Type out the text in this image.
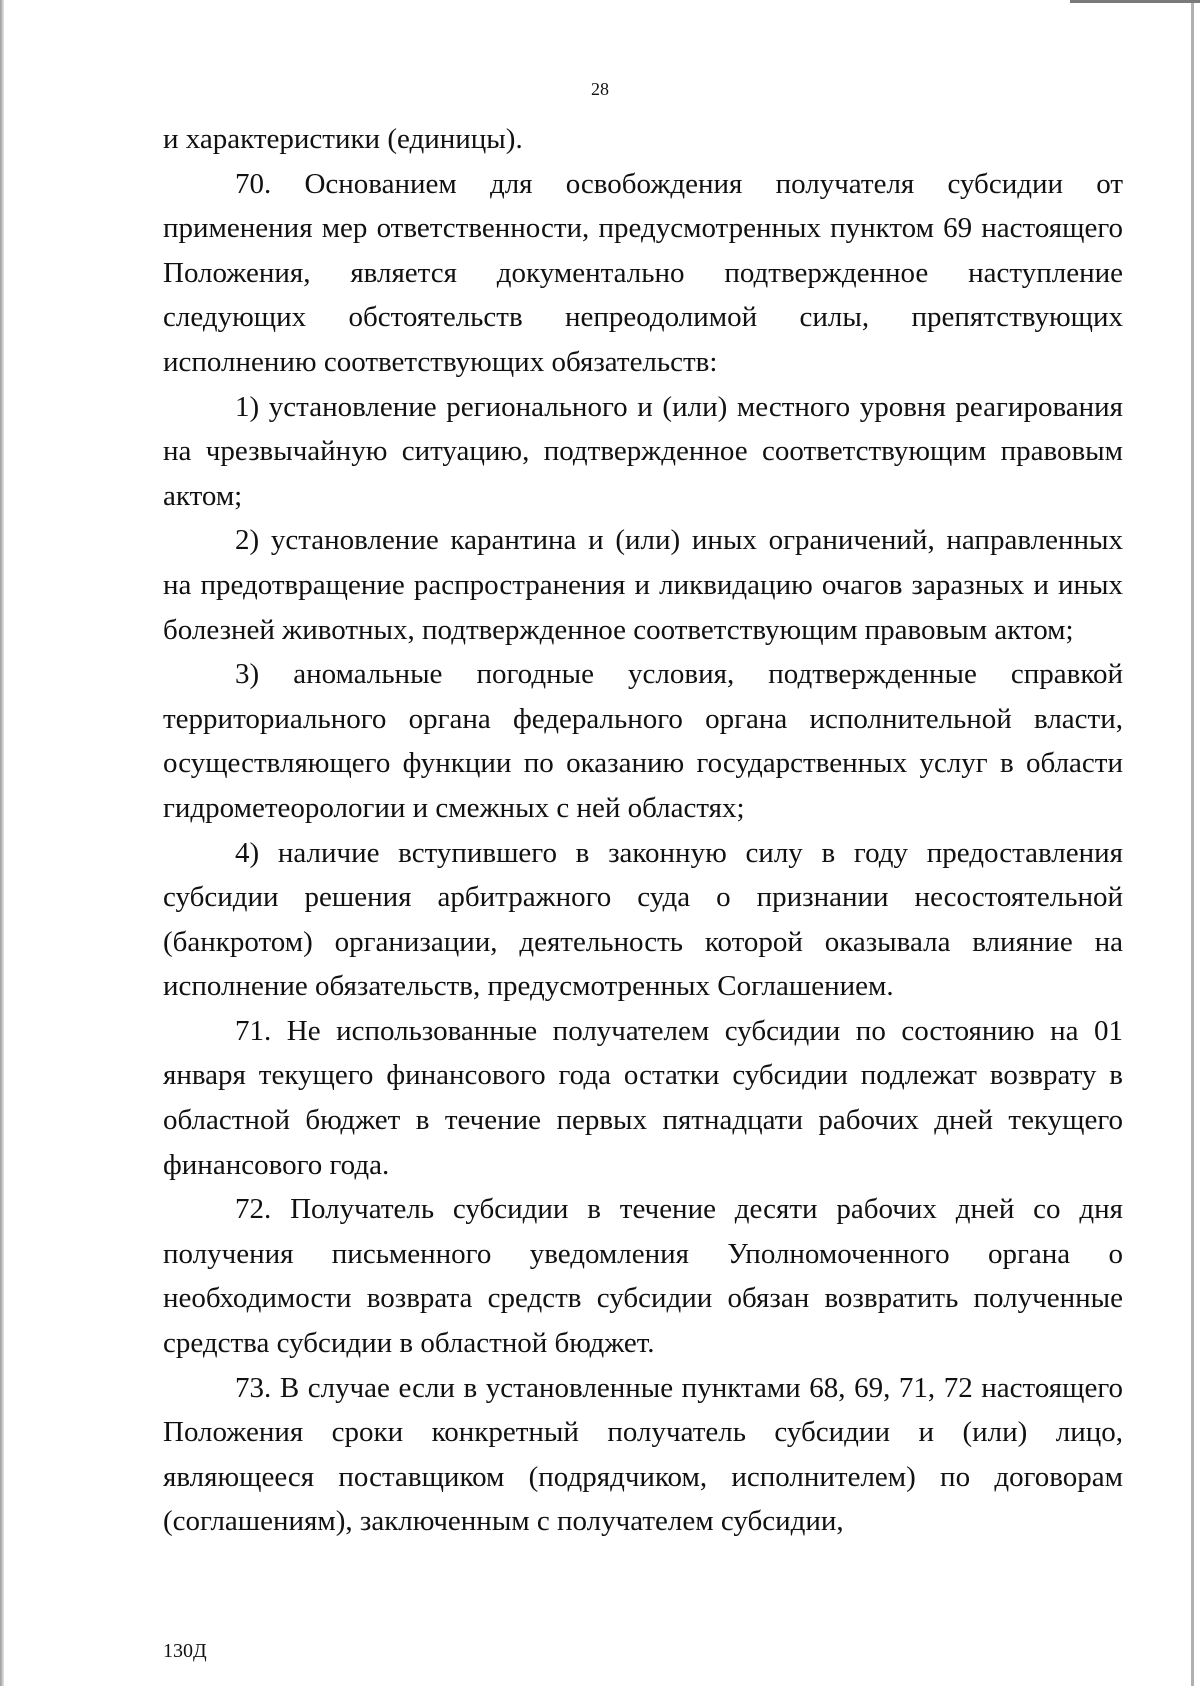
28

и характеристики (единицы).

70. Основанием для освобождения получателя субсидии от применения мер ответственности, предусмотренных пунктом 69 настоящего Положения, является документально подтвержденное наступление следующих обстоятельств непреодолимой силы, препятствующих исполнению соответствующих обязательств:

1) установление регионального и (или) местного уровня реагирования на чрезвычайную ситуацию, подтвержденное соответствующим правовым актом;

2) установление карантина и (или) иных ограничений, направленных на предотвращение распространения и ликвидацию очагов заразных и иных болезней животных, подтвержденное соответствующим правовым актом;

3) аномальные погодные условия, подтвержденные справкой территориального органа федерального органа исполнительной власти, осуществляющего функции по оказанию государственных услуг в области гидрометеорологии и смежных с ней областях;

4) наличие вступившего в законную силу в году предоставления субсидии решения арбитражного суда о признании несостоятельной (банкротом) организации, деятельность которой оказывала влияние на исполнение обязательств, предусмотренных Соглашением.

71. Не использованные получателем субсидии по состоянию на 01 января текущего финансового года остатки субсидии подлежат возврату в областной бюджет в течение первых пятнадцати рабочих дней текущего финансового года.

72. Получатель субсидии в течение десяти рабочих дней со дня получения письменного уведомления Уполномоченного органа о необходимости возврата средств субсидии обязан возвратить полученные средства субсидии в областной бюджет.

73. В случае если в установленные пунктами 68, 69, 71, 72 настоящего Положения сроки конкретный получатель субсидии и (или) лицо, являющееся поставщиком (подрядчиком, исполнителем) по договорам (соглашениям), заключенным с получателем субсидии,

130Д
